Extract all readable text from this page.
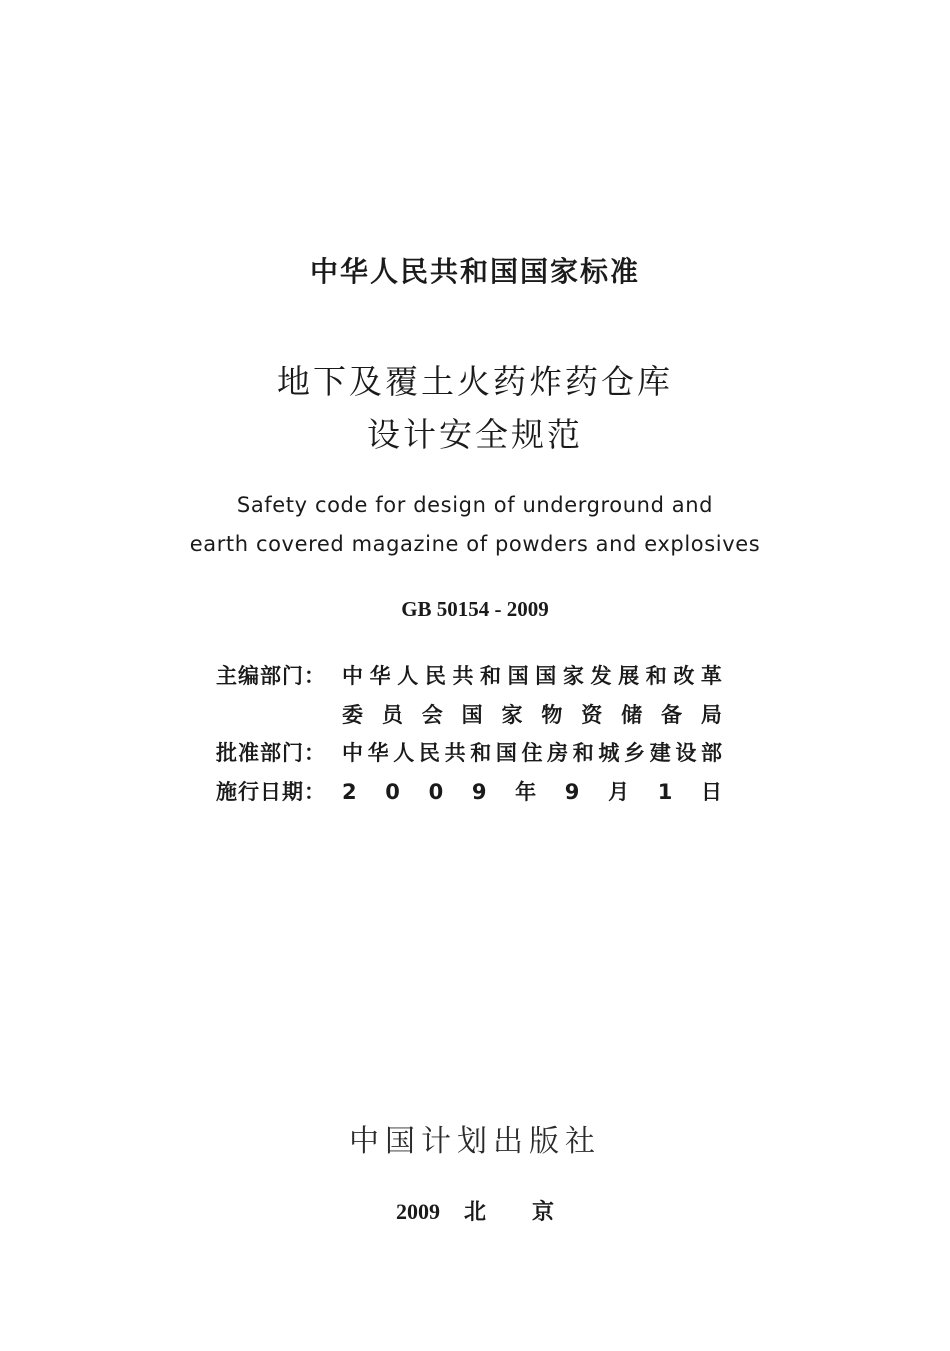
中华人民共和国国家标准
地下及覆土火药炸药仓库
设计安全规范
Safety code for design of underground and
earth covered magazine of powders and explosives
GB 50154 - 2009
主编部门： 中 华 人 民 共 和 国 国 家 发 展 和 改 革
委 员 会 国 家 物 资 储 备 局
批准部门： 中 华 人 民 共 和 国 住 房 和 城 乡 建 设 部
施行日期： 2 0 0 9 年 9 月 1 日
中国计划出版社
2009 北 京
